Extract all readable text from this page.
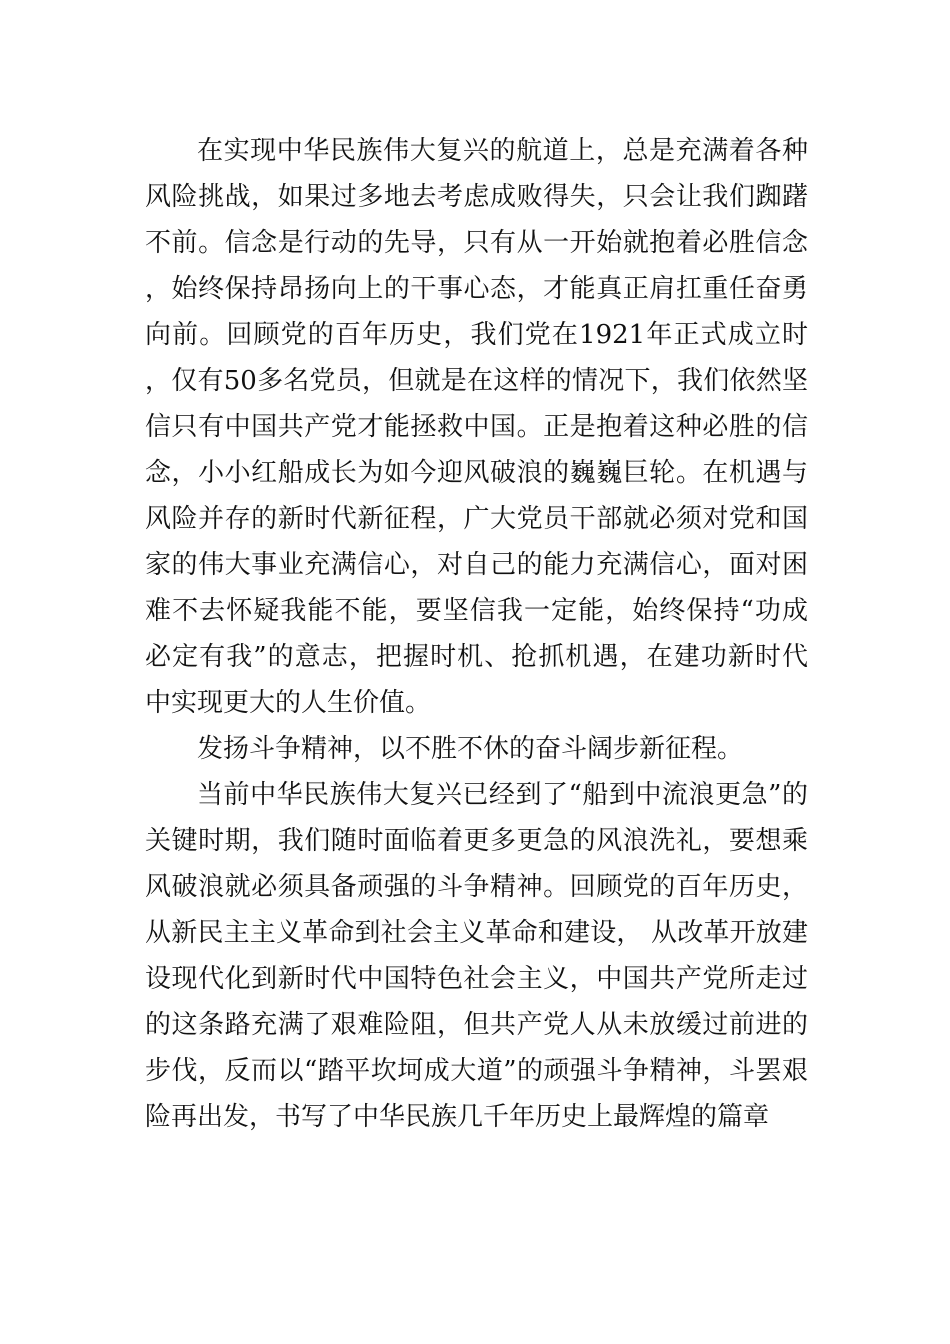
在实现中华民族伟大复兴的航道上，总是充满着各种风险挑战，如果过多地去考虑成败得失，只会让我们踟躇不前。信念是行动的先导，只有从一开始就抱着必胜信念，始终保持昂扬向上的干事心态，才能真正肩扛重任奋勇向前。回顾党的百年历史，我们党在1921年正式成立时，仅有50多名党员，但就是在这样的情况下，我们依然坚信只有中国共产党才能拯救中国。正是抱着这种必胜的信念，小小红船成长为如今迎风破浪的巍巍巨轮。在机遇与风险并存的新时代新征程，广大党员干部就必须对党和国家的伟大事业充满信心，对自己的能力充满信心，面对困难不去怀疑我能不能，要坚信我一定能，始终保持“功成必定有我”的意志，把握时机、抢抓机遇，在建功新时代中实现更大的人生价值。

发扬斗争精神，以不胜不休的奋斗阔步新征程。

当前中华民族伟大复兴已经到了“船到中流浪更急”的关键时期，我们随时面临着更多更急的风浪洗礼，要想乘风破浪就必须具备顽强的斗争精神。回顾党的百年历史，从新民主主义革命到社会主义革命和建设， 从改革开放建设现代化到新时代中国特色社会主义，中国共产党所走过的这条路充满了艰难险阻，但共产党人从未放缓过前进的步伐，反而以“踏平坎坷成大道”的顽强斗争精神，斗罢艰险再出发，书写了中华民族几千年历史上最辉煌的篇章
